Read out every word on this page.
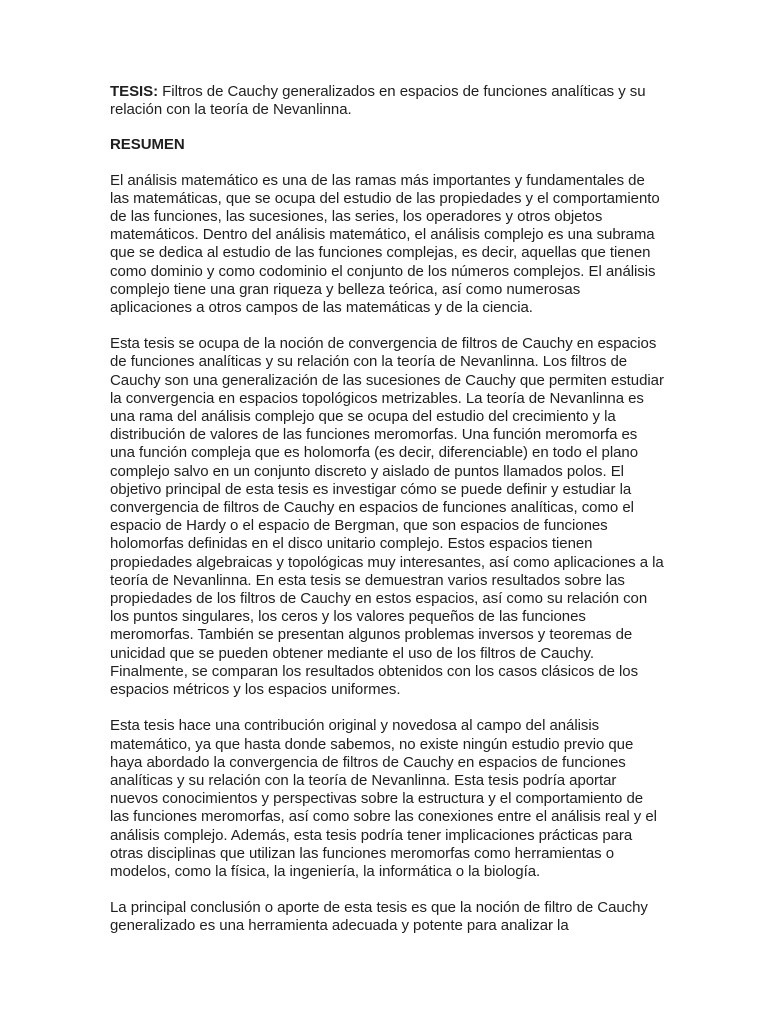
TESIS: Filtros de Cauchy generalizados en espacios de funciones analíticas y su relación con la teoría de Nevanlinna.

RESUMEN

El análisis matemático es una de las ramas más importantes y fundamentales de las matemáticas, que se ocupa del estudio de las propiedades y el comportamiento de las funciones, las sucesiones, las series, los operadores y otros objetos matemáticos. Dentro del análisis matemático, el análisis complejo es una subrama que se dedica al estudio de las funciones complejas, es decir, aquellas que tienen como dominio y como codominio el conjunto de los números complejos. El análisis complejo tiene una gran riqueza y belleza teórica, así como numerosas aplicaciones a otros campos de las matemáticas y de la ciencia.

Esta tesis se ocupa de la noción de convergencia de filtros de Cauchy en espacios de funciones analíticas y su relación con la teoría de Nevanlinna. Los filtros de Cauchy son una generalización de las sucesiones de Cauchy que permiten estudiar la convergencia en espacios topológicos metrizables. La teoría de Nevanlinna es una rama del análisis complejo que se ocupa del estudio del crecimiento y la distribución de valores de las funciones meromorfas. Una función meromorfa es una función compleja que es holomorfa (es decir, diferenciable) en todo el plano complejo salvo en un conjunto discreto y aislado de puntos llamados polos. El objetivo principal de esta tesis es investigar cómo se puede definir y estudiar la convergencia de filtros de Cauchy en espacios de funciones analíticas, como el espacio de Hardy o el espacio de Bergman, que son espacios de funciones holomorfas definidas en el disco unitario complejo. Estos espacios tienen propiedades algebraicas y topológicas muy interesantes, así como aplicaciones a la teoría de Nevanlinna. En esta tesis se demuestran varios resultados sobre las propiedades de los filtros de Cauchy en estos espacios, así como su relación con los puntos singulares, los ceros y los valores pequeños de las funciones meromorfas. También se presentan algunos problemas inversos y teoremas de unicidad que se pueden obtener mediante el uso de los filtros de Cauchy. Finalmente, se comparan los resultados obtenidos con los casos clásicos de los espacios métricos y los espacios uniformes.

Esta tesis hace una contribución original y novedosa al campo del análisis matemático, ya que hasta donde sabemos, no existe ningún estudio previo que haya abordado la convergencia de filtros de Cauchy en espacios de funciones analíticas y su relación con la teoría de Nevanlinna. Esta tesis podría aportar nuevos conocimientos y perspectivas sobre la estructura y el comportamiento de las funciones meromorfas, así como sobre las conexiones entre el análisis real y el análisis complejo. Además, esta tesis podría tener implicaciones prácticas para otras disciplinas que utilizan las funciones meromorfas como herramientas o modelos, como la física, la ingeniería, la informática o la biología.

La principal conclusión o aporte de esta tesis es que la noción de filtro de Cauchy generalizado es una herramienta adecuada y potente para analizar la
